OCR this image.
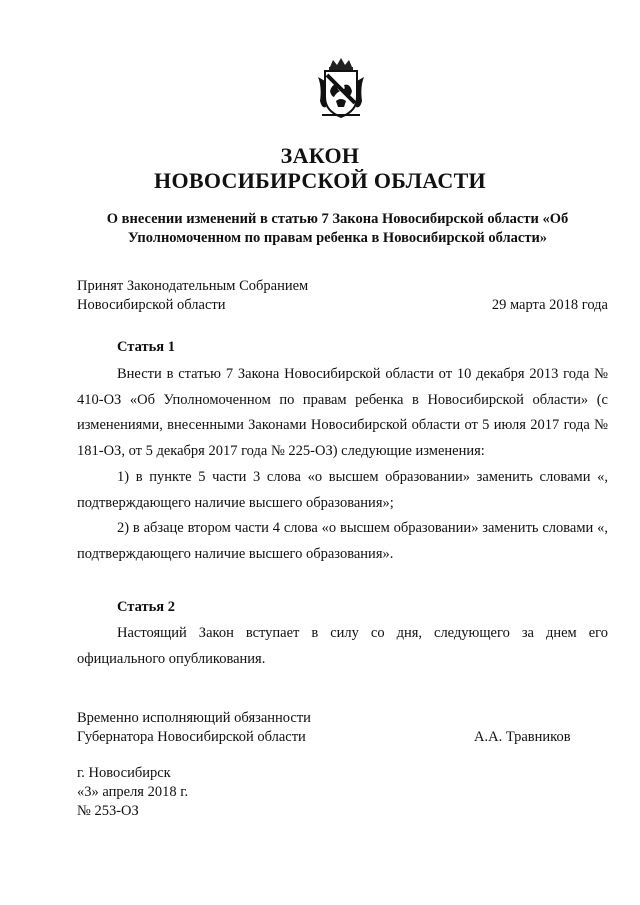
ЗАКОН
НОВОСИБИРСКОЙ ОБЛАСТИ
О внесении изменений в статью 7 Закона Новосибирской области «Об
Уполномоченном по правам ребенка в Новосибирской области»
Принят Законодательным Собранием
Новосибирской области	29 марта 2018 года
Статья 1
Внести в статью 7 Закона Новосибирской области от 10 декабря 2013 года № 410-ОЗ «Об Уполномоченном по правам ребенка в Новосибирской области» (с изменениями, внесенными Законами Новосибирской области от 5 июля 2017 года № 181-ОЗ, от 5 декабря 2017 года № 225-ОЗ) следующие изменения:
1) в пункте 5 части 3 слова «о высшем образовании» заменить словами «, подтверждающего наличие высшего образования»;
2) в абзаце втором части 4 слова «о высшем образовании» заменить словами «, подтверждающего наличие высшего образования».
Статья 2
Настоящий Закон вступает в силу со дня, следующего за днем его официального опубликования.
Временно исполняющий обязанности
Губернатора Новосибирской области	А.А. Травников
г. Новосибирск
«3» апреля 2018 г.
№ 253-ОЗ
